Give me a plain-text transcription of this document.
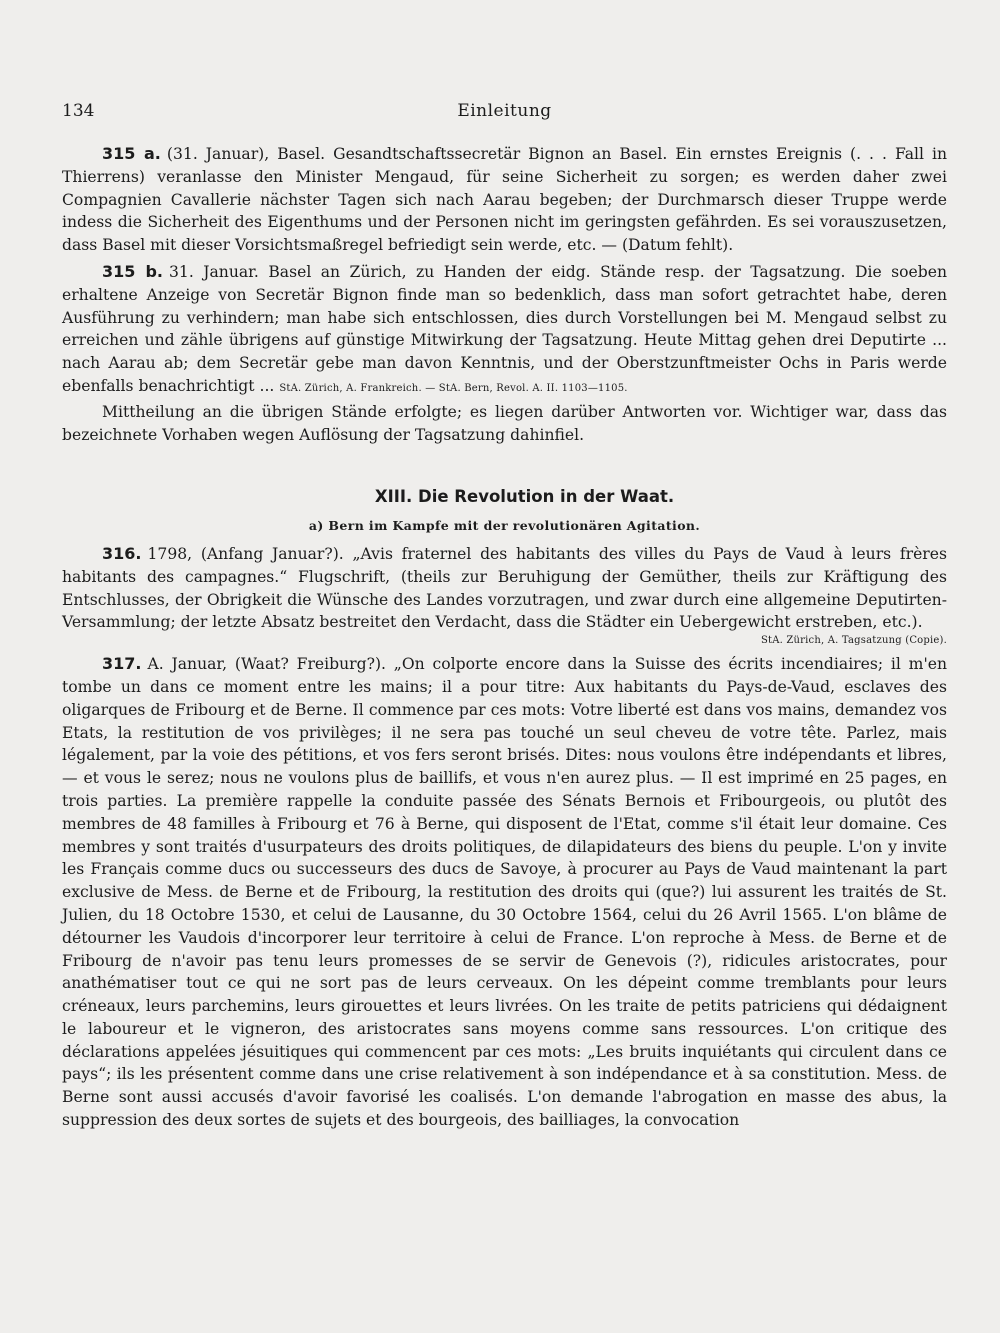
134	Einleitung

315 a. (31. Januar), Basel. Gesandtschaftssecretär Bignon an Basel. Ein ernstes Ereignis (. . . Fall in Thierrens) veranlasse den Minister Mengaud, für seine Sicherheit zu sorgen; es werden daher zwei Compagnien Cavallerie nächster Tagen sich nach Aarau begeben; der Durchmarsch dieser Truppe werde indess die Sicherheit des Eigenthums und der Personen nicht im geringsten gefährden. Es sei vorauszusetzen, dass Basel mit dieser Vorsichtsmaßregel befriedigt sein werde, etc. — (Datum fehlt).

315 b. 31. Januar. Basel an Zürich, zu Handen der eidg. Stände resp. der Tagsatzung. Die soeben erhaltene Anzeige von Secretär Bignon finde man so bedenklich, dass man sofort getrachtet habe, deren Ausführung zu verhindern; man habe sich entschlossen, dies durch Vorstellungen bei M. Mengaud selbst zu erreichen und zähle übrigens auf günstige Mitwirkung der Tagsatzung. Heute Mittag gehen drei Deputirte ... nach Aarau ab; dem Secretär gebe man davon Kenntnis, und der Oberstzunftmeister Ochs in Paris werde ebenfalls benachrichtigt ... StA. Zürich, A. Frankreich. — StA. Bern, Revol. A. II. 1103—1105.

Mittheilung an die übrigen Stände erfolgte; es liegen darüber Antworten vor. Wichtiger war, dass das bezeichnete Vorhaben wegen Auflösung der Tagsatzung dahinfiel.

XIII. Die Revolution in der Waat.

a) Bern im Kampfe mit der revolutionären Agitation.

316. 1798, (Anfang Januar?). „Avis fraternel des habitants des villes du Pays de Vaud à leurs frères habitants des campagnes.“ Flugschrift, (theils zur Beruhigung der Gemüther, theils zur Kräftigung des Entschlusses, der Obrigkeit die Wünsche des Landes vorzutragen, und zwar durch eine allgemeine Deputirten-Versammlung; der letzte Absatz bestreitet den Verdacht, dass die Städter ein Uebergewicht erstreben, etc.).
StA. Zürich, A. Tagsatzung (Copie).

317. A. Januar, (Waat? Freiburg?). „On colporte encore dans la Suisse des écrits incendiaires; il m'en tombe un dans ce moment entre les mains; il a pour titre: Aux habitants du Pays-de-Vaud, esclaves des oligarques de Fribourg et de Berne. Il commence par ces mots: Votre liberté est dans vos mains, demandez vos Etats, la restitution de vos privilèges; il ne sera pas touché un seul cheveu de votre tête. Parlez, mais légalement, par la voie des pétitions, et vos fers seront brisés. Dites: nous voulons être indépendants et libres, — et vous le serez; nous ne voulons plus de baillifs, et vous n'en aurez plus. — Il est imprimé en 25 pages, en trois parties. La première rappelle la conduite passée des Sénats Bernois et Fribourgeois, ou plutôt des membres de 48 familles à Fribourg et 76 à Berne, qui disposent de l'Etat, comme s'il était leur domaine. Ces membres y sont traités d'usurpateurs des droits politiques, de dilapidateurs des biens du peuple. L'on y invite les Français comme ducs ou successeurs des ducs de Savoye, à procurer au Pays de Vaud maintenant la part exclusive de Mess. de Berne et de Fribourg, la restitution des droits qui (que?) lui assurent les traités de St. Julien, du 18 Octobre 1530, et celui de Lausanne, du 30 Octobre 1564, celui du 26 Avril 1565. L'on blâme de détourner les Vaudois d'incorporer leur territoire à celui de France. L'on reproche à Mess. de Berne et de Fribourg de n'avoir pas tenu leurs promesses de se servir de Genevois (?), ridicules aristocrates, pour anathématiser tout ce qui ne sort pas de leurs cerveaux. On les dépeint comme tremblants pour leurs créneaux, leurs parchemins, leurs girouettes et leurs livrées. On les traite de petits patriciens qui dédaignent le laboureur et le vigneron, des aristocrates sans moyens comme sans ressources. L'on critique des déclarations appelées jésuitiques qui commencent par ces mots: „Les bruits inquiétants qui circulent dans ce pays“; ils les présentent comme dans une crise relativement à son indépendance et à sa constitution. Mess. de Berne sont aussi accusés d'avoir favorisé les coalisés. L'on demande l'abrogation en masse des abus, la suppression des deux sortes de sujets et des bourgeois, des bailliages, la convocation
